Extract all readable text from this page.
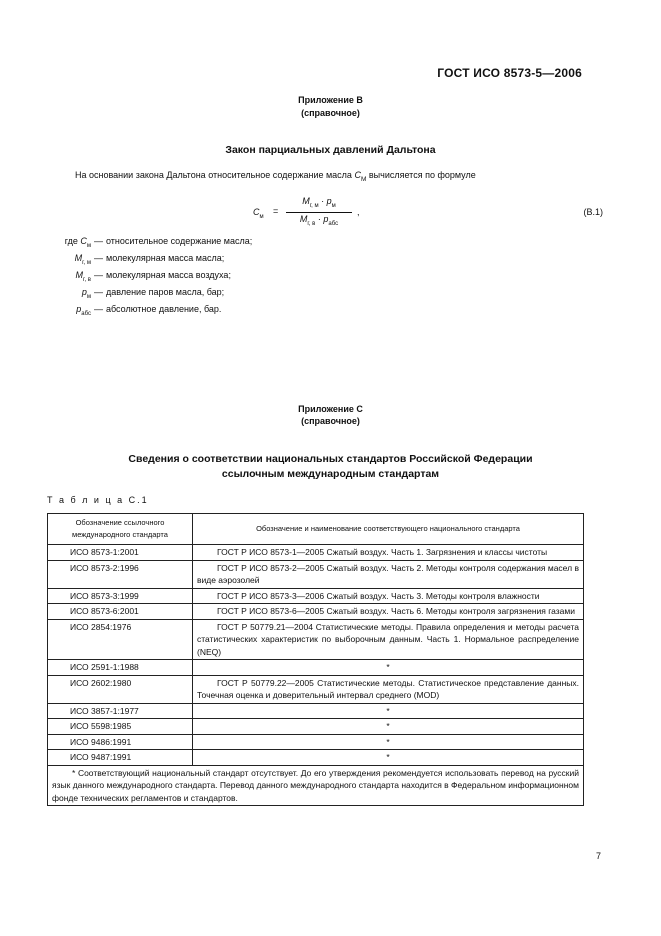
ГОСТ ИСО 8573-5—2006
Приложение В
(справочное)
Закон парциальных давлений Дальтона
На основании закона Дальтона относительное содержание масла $C_M$ вычисляется по формуле
$C_м$
=
$M_{г, м} \cdot p_м$
$M_{г, в} \cdot p_{абс}$
,	(B.1)
где $C_м$ — относительное содержание масла;
$M_{г, м}$ — молекулярная масса масла;
$M_{г, в}$ — молекулярная масса воздуха;
$p_м$ — давление паров масла, бар;
$p_{абс}$ — абсолютное давление, бар.
Приложение С
(справочное)
Сведения о соответствии национальных стандартов Российской Федерации
ссылочным международным стандартам
Т а б л и ц а С.1
Обозначение ссылочного международного стандарта	Обозначение и наименование соответствующего национального стандарта
ИСО 8573-1:2001	ГОСТ Р ИСО 8573-1—2005 Сжатый воздух. Часть 1. Загрязнения и классы чистоты
ИСО 8573-2:1996	ГОСТ Р ИСО 8573-2—2005 Сжатый воздух. Часть 2. Методы контроля содержания масел в виде аэрозолей
ИСО 8573-3:1999	ГОСТ Р ИСО 8573-3—2006 Сжатый воздух. Часть 3. Методы контроля влажности
ИСО 8573-6:2001	ГОСТ Р ИСО 8573-6—2005 Сжатый воздух. Часть 6. Методы контроля загрязнения газами
ИСО 2854:1976	ГОСТ Р 50779.21—2004 Статистические методы. Правила определения и методы расчета статистических характеристик по выборочным данным. Часть 1. Нормальное распределение (NEQ)
ИСО 2591-1:1988	*
ИСО 2602:1980	ГОСТ Р 50779.22—2005 Статистические методы. Статистическое представление данных. Точечная оценка и доверительный интервал среднего (MOD)
ИСО 3857-1:1977	*
ИСО 5598:1985	*
ИСО 9486:1991	*
ИСО 9487:1991	*
* Соответствующий национальный стандарт отсутствует. До его утверждения рекомендуется использовать перевод на русский язык данного международного стандарта. Перевод данного международного стандарта находится в Федеральном информационном фонде технических регламентов и стандартов.	
7
